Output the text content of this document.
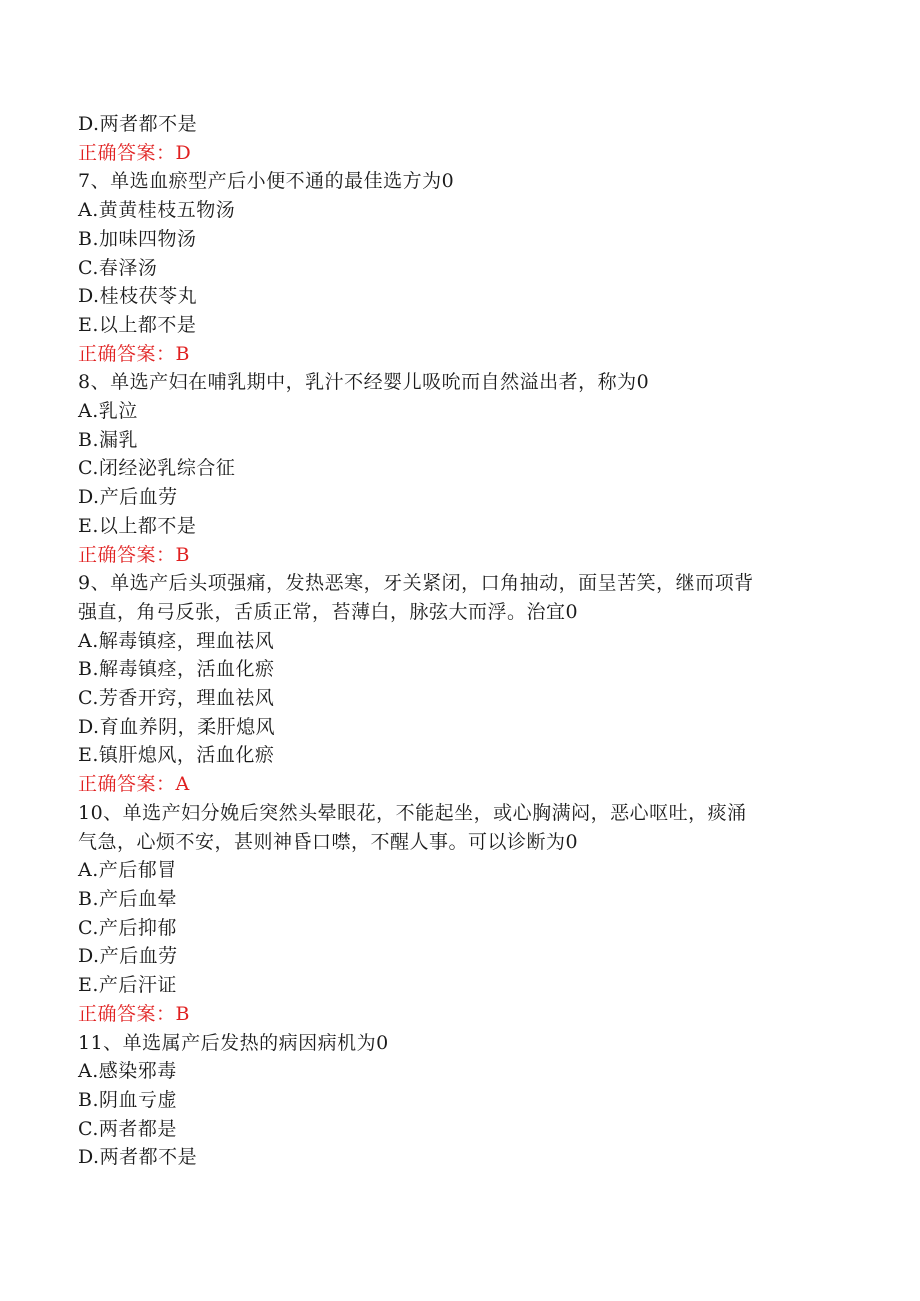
D.两者都不是
正确答案：D
7、单选血瘀型产后小便不通的最佳选方为0
A.黄黄桂枝五物汤
B.加味四物汤
C.春泽汤
D.桂枝茯苓丸
E.以上都不是
正确答案：B
8、单选产妇在哺乳期中，乳汁不经婴儿吸吮而自然溢出者，称为0
A.乳泣
B.漏乳
C.闭经泌乳综合征
D.产后血劳
E.以上都不是
正确答案：B
9、单选产后头项强痛，发热恶寒，牙关紧闭，口角抽动，面呈苦笑，继而项背
强直，角弓反张，舌质正常，苔薄白，脉弦大而浮。治宜0
A.解毒镇痉，理血祛风
B.解毒镇痉，活血化瘀
C.芳香开窍，理血祛风
D.育血养阴，柔肝熄风
E.镇肝熄风，活血化瘀
正确答案：A
10、单选产妇分娩后突然头晕眼花，不能起坐，或心胸满闷，恶心呕吐，痰涌
气急，心烦不安，甚则神昏口噤，不醒人事。可以诊断为0
A.产后郁冒
B.产后血晕
C.产后抑郁
D.产后血劳
E.产后汗证
正确答案：B
11、单选属产后发热的病因病机为0
A.感染邪毒
B.阴血亏虚
C.两者都是
D.两者都不是
